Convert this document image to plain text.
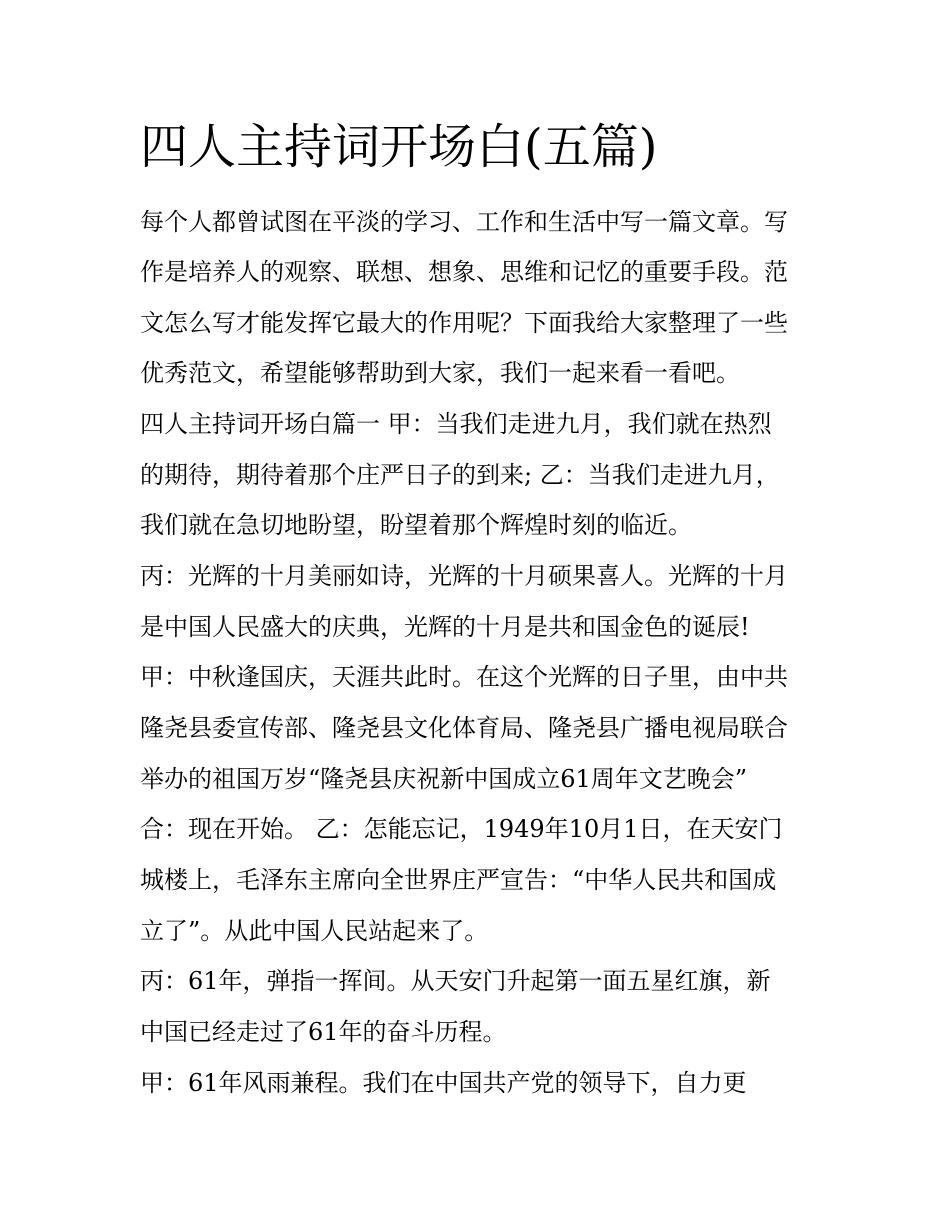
四人主持词开场白(五篇)

每个人都曾试图在平淡的学习、工作和生活中写一篇文章。写

作是培养人的观察、联想、想象、思维和记忆的重要手段。范

文怎么写才能发挥它最大的作用呢？下面我给大家整理了一些

优秀范文，希望能够帮助到大家，我们一起来看一看吧。

四人主持词开场白篇一 甲：当我们走进九月，我们就在热烈

的期待，期待着那个庄严日子的到来; 乙：当我们走进九月，

我们就在急切地盼望，盼望着那个辉煌时刻的临近。

丙：光辉的十月美丽如诗，光辉的十月硕果喜人。光辉的十月

是中国人民盛大的庆典，光辉的十月是共和国金色的诞辰!

甲：中秋逢国庆，天涯共此时。在这个光辉的日子里，由中共

隆尧县委宣传部、隆尧县文化体育局、隆尧县广播电视局联合

举办的祖国万岁“隆尧县庆祝新中国成立61周年文艺晚会”

合：现在开始。 乙：怎能忘记，1949年10月1日，在天安门

城楼上，毛泽东主席向全世界庄严宣告：“中华人民共和国成

立了”。从此中国人民站起来了。

丙：61年，弹指一挥间。从天安门升起第一面五星红旗，新

中国已经走过了61年的奋斗历程。

甲：61年风雨兼程。我们在中国共产党的领导下，自力更
